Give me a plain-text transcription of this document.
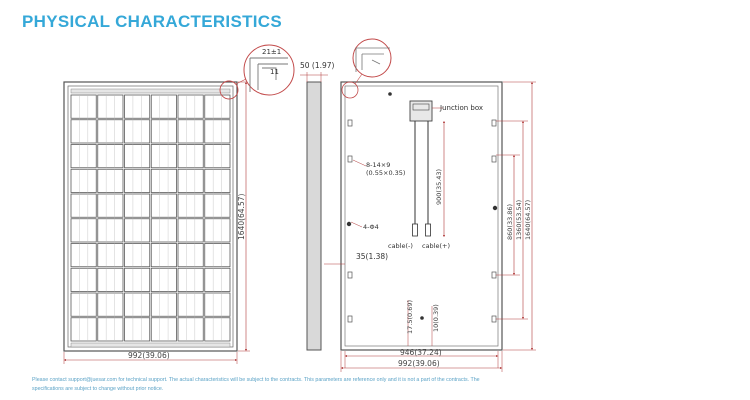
PHYSICAL CHARACTERISTICS
1640(64.57)
992(39.06)
21±1
11
50 (1.97)
8-14×9
(0.55×0.35)
4-Φ4
Junction box
cable(-) cable(+)
900(35.43)
35(1.38)
17.5(0.69)	10(0.39)
860(33.86) 1360(53.54) 1640(64.57)
946(37.24)
992(39.06)

Please contact support@juesar.com for technical support. The actual characteristics will be subject to the contracts. This parameters are reference only and it is not a part of the contracts. The specifications are subject to change without prior notice.
